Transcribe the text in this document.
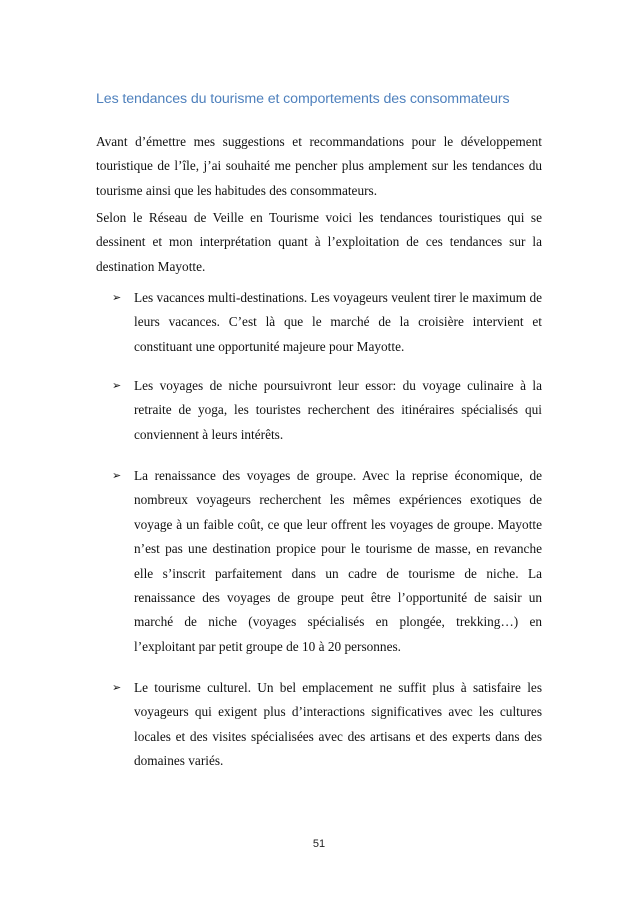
Les tendances du tourisme et comportements des consommateurs

Avant d’émettre mes suggestions et recommandations pour le développement touristique de l’île, j’ai souhaité me pencher plus amplement sur les tendances du tourisme ainsi que les habitudes des consommateurs.

Selon le Réseau de Veille en Tourisme voici les tendances touristiques qui se dessinent et mon interprétation quant à l’exploitation de ces tendances sur la destination Mayotte.

➢ Les vacances multi-destinations. Les voyageurs veulent tirer le maximum de leurs vacances. C’est là que le marché de la croisière intervient et constituant une opportunité majeure pour Mayotte.

➢ Les voyages de niche poursuivront leur essor: du voyage culinaire à la retraite de yoga, les touristes recherchent des itinéraires spécialisés qui conviennent à leurs intérêts.

➢ La renaissance des voyages de groupe. Avec la reprise économique, de nombreux voyageurs recherchent les mêmes expériences exotiques de voyage à un faible coût, ce que leur offrent les voyages de groupe. Mayotte n’est pas une destination propice pour le tourisme de masse, en revanche elle s’inscrit parfaitement dans un cadre de tourisme de niche. La renaissance des voyages de groupe peut être l’opportunité de saisir un marché de niche (voyages spécialisés en plongée, trekking…) en l’exploitant par petit groupe de 10 à 20 personnes.

➢ Le tourisme culturel. Un bel emplacement ne suffit plus à satisfaire les voyageurs qui exigent plus d’interactions significatives avec les cultures locales et des visites spécialisées avec des artisans et des experts dans des domaines variés.

51
